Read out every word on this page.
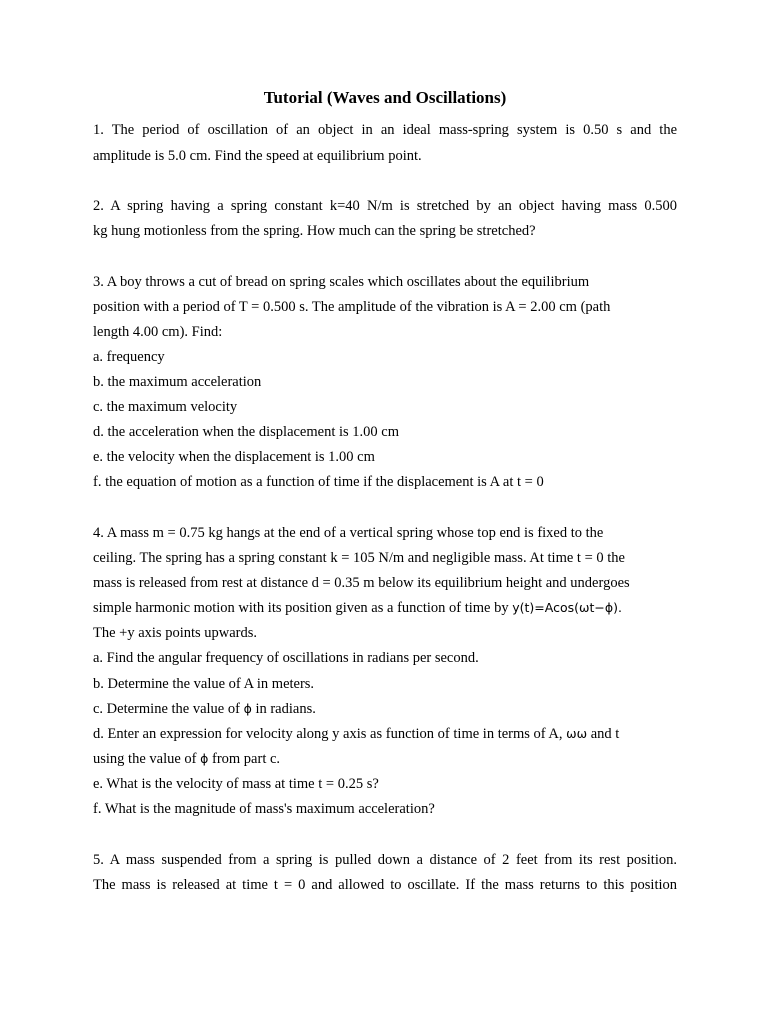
Tutorial (Waves and Oscillations)
1. The period of oscillation of an object in an ideal mass-spring system is 0.50 s and the
amplitude is 5.0 cm. Find the speed at equilibrium point.
2. A spring having a spring constant k=40 N/m is stretched by an object having mass 0.500
kg hung motionless from the spring. How much can the spring be stretched?
3. A boy throws a cut of bread on spring scales which oscillates about the equilibrium
position with a period of T = 0.500 s. The amplitude of the vibration is A = 2.00 cm (path
length 4.00 cm). Find:
a. frequency
b. the maximum acceleration
c. the maximum velocity
d. the acceleration when the displacement is 1.00 cm
e. the velocity when the displacement is 1.00 cm
f. the equation of motion as a function of time if the displacement is A at t = 0
4. A mass m = 0.75 kg hangs at the end of a vertical spring whose top end is fixed to the
ceiling. The spring has a spring constant k = 105 N/m and negligible mass. At time t = 0 the
mass is released from rest at distance d = 0.35 m below its equilibrium height and undergoes
simple harmonic motion with its position given as a function of time by y(t)=Acos(ωt−ϕ).
The +y axis points upwards.
a. Find the angular frequency of oscillations in radians per second.
b. Determine the value of A in meters.
c. Determine the value of ϕ in radians.
d. Enter an expression for velocity along y axis as function of time in terms of A, ωω and t
using the value of ϕ from part c.
e. What is the velocity of mass at time t = 0.25 s?
f. What is the magnitude of mass's maximum acceleration?
5. A mass suspended from a spring is pulled down a distance of 2 feet from its rest position.
The mass is released at time t = 0 and allowed to oscillate. If the mass returns to this position
